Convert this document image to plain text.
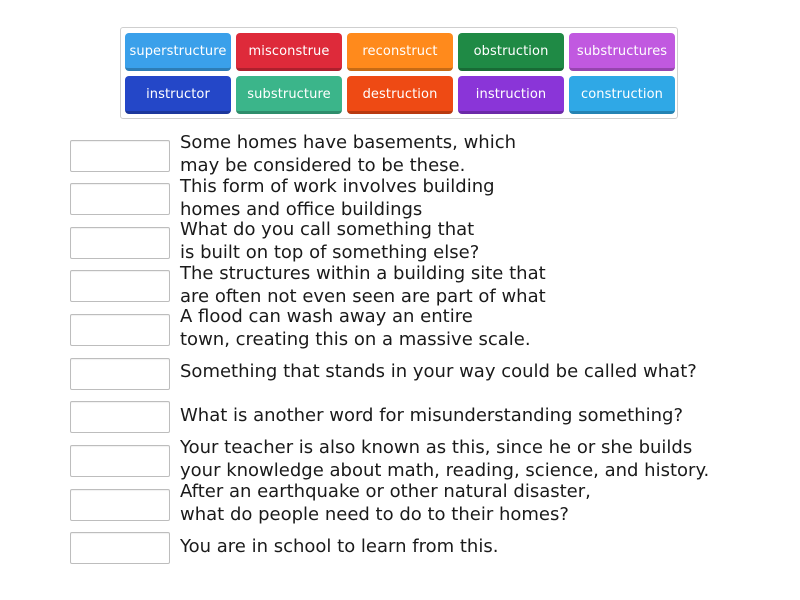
superstructure	misconstrue	reconstruct	obstruction	substructures
instructor	substructure	destruction	instruction	construction
Some homes have basements, which
may be considered to be these.
This form of work involves building
homes and office buildings
What do you call something that
is built on top of something else?
The structures within a building site that
are often not even seen are part of what
A flood can wash away an entire
town, creating this on a massive scale.
Something that stands in your way could be called what?
What is another word for misunderstanding something?
Your teacher is also known as this, since he or she builds
your knowledge about math, reading, science, and history.
After an earthquake or other natural disaster,
what do people need to do to their homes?
You are in school to learn from this.
